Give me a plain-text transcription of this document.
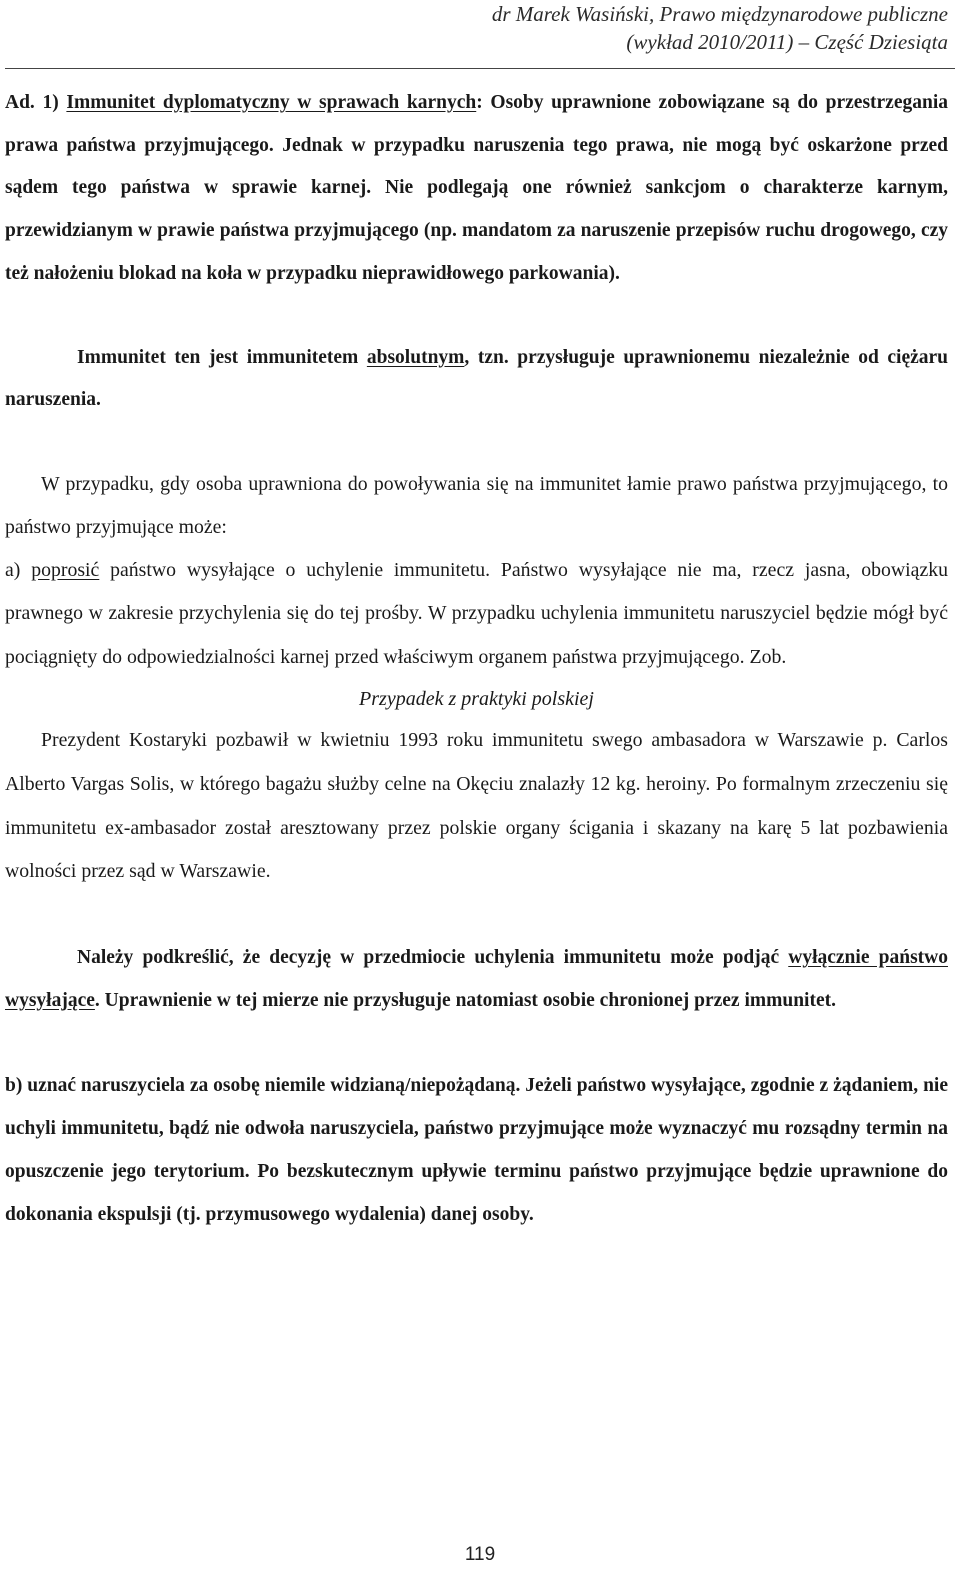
dr Marek Wasiński, Prawo międzynarodowe publiczne
(wykład 2010/2011) – Część Dziesiąta

Ad. 1) Immunitet dyplomatyczny w sprawach karnych: Osoby uprawnione zobowiązane są do przestrzegania prawa państwa przyjmującego. Jednak w przypadku naruszenia tego prawa, nie mogą być oskarżone przed sądem tego państwa w sprawie karnej. Nie podlegają one również sankcjom o charakterze karnym, przewidzianym w prawie państwa przyjmującego (np. mandatom za naruszenie przepisów ruchu drogowego, czy też nałożeniu blokad na koła w przypadku nieprawidłowego parkowania).

Immunitet ten jest immunitetem absolutnym, tzn. przysługuje uprawnionemu niezależnie od ciężaru naruszenia.

W przypadku, gdy osoba uprawniona do powoływania się na immunitet łamie prawo państwa przyjmującego, to państwo przyjmujące może:

a) poprosić państwo wysyłające o uchylenie immunitetu. Państwo wysyłające nie ma, rzecz jasna, obowiązku prawnego w zakresie przychylenia się do tej prośby. W przypadku uchylenia immunitetu naruszyciel będzie mógł być pociągnięty do odpowiedzialności karnej przed właściwym organem państwa przyjmującego. Zob.

Przypadek z praktyki polskiej

Prezydent Kostaryki pozbawił w kwietniu 1993 roku immunitetu swego ambasadora w Warszawie p. Carlos Alberto Vargas Solis, w którego bagażu służby celne na Okęciu znalazły 12 kg. heroiny. Po formalnym zrzeczeniu się immunitetu ex-ambasador został aresztowany przez polskie organy ścigania i skazany na karę 5 lat pozbawienia wolności przez sąd w Warszawie.

Należy podkreślić, że decyzję w przedmiocie uchylenia immunitetu może podjąć wyłącznie państwo wysyłające. Uprawnienie w tej mierze nie przysługuje natomiast osobie chronionej przez immunitet.

b) uznać naruszyciela za osobę niemile widzianą/niepożądaną. Jeżeli państwo wysyłające, zgodnie z żądaniem, nie uchyli immunitetu, bądź nie odwoła naruszyciela, państwo przyjmujące może wyznaczyć mu rozsądny termin na opuszczenie jego terytorium. Po bezskutecznym upływie terminu państwo przyjmujące będzie uprawnione do dokonania ekspulsji (tj. przymusowego wydalenia) danej osoby.

119
